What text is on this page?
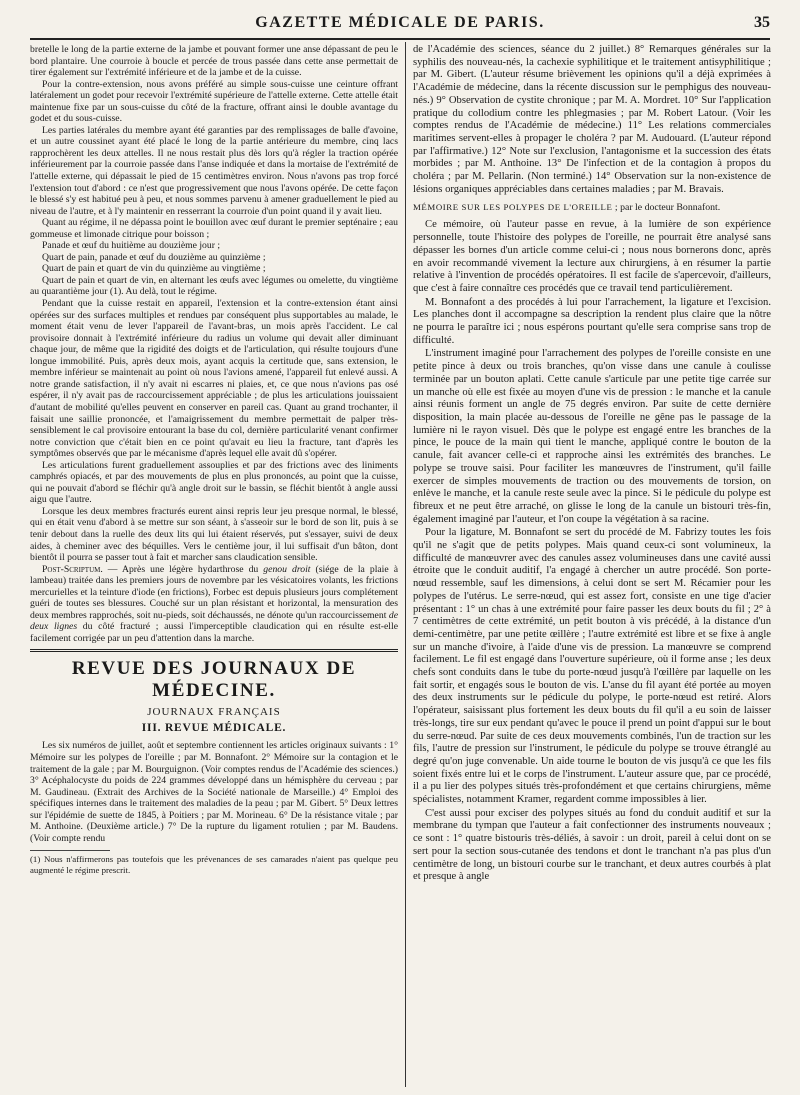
GAZETTE MÉDICALE DE PARIS.	35

bretelle le long de la partie externe de la jambe et pouvant former une anse dépassant de peu le bord plantaire. Une courroie à boucle et percée de trous passée dans cette anse permettait de tirer également sur l'extrémité inférieure et de la jambe et de la cuisse.

Pour la contre-extension, nous avons préféré au simple sous-cuisse une ceinture offrant latéralement un godet pour recevoir l'extrémité supérieure de l'attelle externe. Cette attelle était maintenue fixe par un sous-cuisse du côté de la fracture, offrant ainsi le double avantage du godet et du sous-cuisse.

Les parties latérales du membre ayant été garanties par des remplissages de balle d'avoine, et un autre coussinet ayant été placé le long de la partie antérieure du membre, cinq lacs rapprochèrent les deux attelles. Il ne nous restait plus dès lors qu'à régler la traction opérée inférieurement par la courroie passée dans l'anse indiquée et dans la mortaise de l'extrémité de l'attelle externe, qui dépassait le pied de 15 centimètres environ. Nous n'avons pas trop forcé l'extension tout d'abord : ce n'est que progressivement que nous l'avons opérée. De cette façon le blessé s'y est habitué peu à peu, et nous sommes parvenu à amener graduellement le pied au niveau de l'autre, et à l'y maintenir en resserrant la courroie d'un point quand il y avait lieu.

Quant au régime, il ne dépassa point le bouillon avec œuf durant le premier septénaire ; eau gommeuse et limonade citrique pour boisson ;

Panade et œuf du huitième au douzième jour ;

Quart de pain, panade et œuf du douzième au quinzième ;

Quart de pain et quart de vin du quinzième au vingtième ;

Quart de pain et quart de vin, en alternant les œufs avec légumes ou omelette, du vingtième au quarantième jour (1). Au delà, tout le régime.

Pendant que la cuisse restait en appareil, l'extension et la contre-extension étant ainsi opérées sur des surfaces multiples et rendues par conséquent plus supportables au malade, le moment était venu de lever l'appareil de l'avant-bras, un mois après l'accident. Le cal provisoire donnait à l'extrémité inférieure du radius un volume qui devait aller diminuant chaque jour, de même que la rigidité des doigts et de l'articulation, qui résulte toujours d'une longue immobilité. Puis, après deux mois, ayant acquis la certitude que, sans extension, le membre inférieur se maintenait au point où nous l'avions amené, l'appareil fut enlevé aussi. A notre grande satisfaction, il n'y avait ni escarres ni plaies, et, ce que nous n'avions pas osé espérer, il n'y avait pas de raccourcissement appréciable ; de plus les articulations jouissaient d'autant de mobilité qu'elles peuvent en conserver en pareil cas. Quant au grand trochanter, il faisait une saillie prononcée, et l'amaigrissement du membre permettait de palper très-sensiblement le cal provisoire entourant la base du col, dernière particularité venant confirmer notre conviction que c'était bien en ce point qu'avait eu lieu la fracture, tant d'après les symptômes observés que par le mécanisme d'après lequel elle avait dû s'opérer.

Les articulations furent graduellement assouplies et par des frictions avec des liniments camphrés opiacés, et par des mouvements de plus en plus prononcés, au point que la cuisse, qui ne pouvait d'abord se fléchir qu'à angle droit sur le bassin, se fléchit bientôt à angle aussi aigu que l'autre.

Lorsque les deux membres fracturés eurent ainsi repris leur jeu presque normal, le blessé, qui en était venu d'abord à se mettre sur son séant, à s'asseoir sur le bord de son lit, puis à se tenir debout dans la ruelle des deux lits qui lui étaient réservés, put s'essayer, suivi de deux aides, à cheminer avec des béquilles. Vers le centième jour, il lui suffisait d'un bâton, dont bientôt il pourra se passer tout à fait et marcher sans claudication sensible.

Post-Scriptum. — Après une légère hydarthrose du genou droit (siége de la plaie à lambeau) traitée dans les premiers jours de novembre par les vésicatoires volants, les frictions mercurielles et la teinture d'iode (en frictions), Forbec est depuis plusieurs jours complétement guéri de toutes ses blessures. Couché sur un plan résistant et horizontal, la mensuration des deux membres rapprochés, soit nu-pieds, soit déchaussés, ne dénote qu'un raccourcissement de deux lignes du côté fracturé ; aussi l'imperceptible claudication qui en résulte est-elle facilement corrigée par un peu d'attention dans la marche.

REVUE DES JOURNAUX DE MÉDECINE.
JOURNAUX FRANÇAIS
III. REVUE MÉDICALE.

Les six numéros de juillet, août et septembre contiennent les articles originaux suivants : 1° Mémoire sur les polypes de l'oreille ; par M. Bonnafont. 2° Mémoire sur la contagion et le traitement de la gale ; par M. Bourguignon. (Voir comptes rendus de l'Académie des sciences.) 3° Acéphalocyste du poids de 224 grammes développé dans un hémisphère du cerveau ; par M. Gaudineau. (Extrait des Archives de la Société nationale de Marseille.) 4° Emploi des spécifiques internes dans le traitement des maladies de la peau ; par M. Gibert. 5° Deux lettres sur l'épidémie de suette de 1845, à Poitiers ; par M. Morineau. 6° De la résistance vitale ; par M. Anthoine. (Deuxième article.) 7° De la rupture du ligament rotulien ; par M. Baudens. (Voir compte rendu

(1) Nous n'affirmerons pas toutefois que les prévenances de ses camarades n'aient pas quelque peu augmenté le régime prescrit.

de l'Académie des sciences, séance du 2 juillet.) 8° Remarques générales sur la syphilis des nouveau-nés, la cachexie syphilitique et le traitement antisyphilitique ; par M. Gibert. (L'auteur résume brièvement les opinions qu'il a déjà exprimées à l'Académie de médecine, dans la récente discussion sur le pemphigus des nouveau-nés.) 9° Observation de cystite chronique ; par M. A. Mordret. 10° Sur l'application pratique du collodium contre les phlegmasies ; par M. Robert Latour. (Voir les comptes rendus de l'Académie de médecine.) 11° Les relations commerciales maritimes servent-elles à propager le choléra ? par M. Audouard. (L'auteur répond par l'affirmative.) 12° Note sur l'exclusion, l'antagonisme et la succession des états morbides ; par M. Anthoine. 13° De l'infection et de la contagion à propos du choléra ; par M. Pellarin. (Non terminé.) 14° Observation sur la non-existence de lésions organiques appréciables dans certaines maladies ; par M. Bravais.

MÉMOIRE SUR LES POLYPES DE L'OREILLE ; par le docteur Bonnafont.

Ce mémoire, où l'auteur passe en revue, à la lumière de son expérience personnelle, toute l'histoire des polypes de l'oreille, ne pourrait être analysé sans dépasser les bornes d'un article comme celui-ci ; nous nous bornerons donc, après en avoir recommandé vivement la lecture aux chirurgiens, à en résumer la partie relative à l'invention de procédés opératoires. Il est facile de s'apercevoir, d'ailleurs, que c'est à faire connaître ces procédés que ce travail tend particulièrement.

M. Bonnafont a des procédés à lui pour l'arrachement, la ligature et l'excision. Les planches dont il accompagne sa description la rendent plus claire que la nôtre ne pourra le paraître ici ; nous espérons pourtant qu'elle sera comprise sans trop de difficulté.

L'instrument imaginé pour l'arrachement des polypes de l'oreille consiste en une petite pince à deux ou trois branches, qu'on visse dans une canule à coulisse terminée par un bouton aplati. Cette canule s'articule par une petite tige carrée sur un manche où elle est fixée au moyen d'une vis de pression : le manche et la canule ainsi réunis forment un angle de 75 degrés environ. Par suite de cette dernière disposition, la main placée au-dessous de l'oreille ne gêne pas le passage de la lumière ni le rayon visuel. Dès que le polype est engagé entre les branches de la pince, le pouce de la main qui tient le manche, appliqué contre le bouton de la canule, fait avancer celle-ci et rapproche ainsi les extrémités des branches. Le polype se trouve saisi. Pour faciliter les manœuvres de l'instrument, qu'il faille exercer de simples mouvements de traction ou des mouvements de torsion, on enlève le manche, et la canule reste seule avec la pince. Si le pédicule du polype est fibreux et ne peut être arraché, on glisse le long de la canule un bistouri très-fin, également imaginé par l'auteur, et l'on coupe la végétation à sa racine.

Pour la ligature, M. Bonnafont se sert du procédé de M. Fabrizy toutes les fois qu'il ne s'agit que de petits polypes. Mais quand ceux-ci sont volumineux, la difficulté de manœuvrer avec des canules assez volumineuses dans une cavité aussi étroite que le conduit auditif, l'a engagé à chercher un autre procédé. Son porte-nœud ressemble, sauf les dimensions, à celui dont se sert M. Récamier pour les polypes de l'utérus. Le serre-nœud, qui est assez fort, consiste en une tige d'acier présentant : 1° un chas à une extrémité pour faire passer les deux bouts du fil ; 2° à 7 centimètres de cette extrémité, un petit bouton à vis précédé, à la distance d'un demi-centimètre, par une petite œillère ; l'autre extrémité est libre et se fixe à angle sur un manche d'ivoire, à l'aide d'une vis de pression. La manœuvre se comprend facilement. Le fil est engagé dans l'ouverture supérieure, où il forme anse ; les deux chefs sont conduits dans le tube du porte-nœud jusqu'à l'œillère par laquelle on les fait sortir, et engagés sous le bouton de vis. L'anse du fil ayant été portée au moyen des deux instruments sur le pédicule du polype, le porte-nœud est retiré. Alors l'opérateur, saisissant plus fortement les deux bouts du fil qu'il a eu soin de laisser très-longs, tire sur eux pendant qu'avec le pouce il prend un point d'appui sur le bout du serre-nœud. Par suite de ces deux mouvements combinés, l'un de traction sur les fils, l'autre de pression sur l'instrument, le pédicule du polype se trouve étranglé au degré qu'on juge convenable. Un aide tourne le bouton de vis jusqu'à ce que les fils soient fixés entre lui et le corps de l'instrument. L'auteur assure que, par ce procédé, il a pu lier des polypes situés très-profondément et que certains chirurgiens, même spécialistes, notamment Kramer, regardent comme impossibles à lier.

C'est aussi pour exciser des polypes situés au fond du conduit auditif et sur la membrane du tympan que l'auteur a fait confectionner des instruments nouveaux ; ce sont : 1° quatre bistouris très-déliés, à savoir : un droit, pareil à celui dont on se sert pour la section sous-cutanée des tendons et dont le tranchant n'a pas plus d'un centimètre de long, un bistouri courbe sur le tranchant, et deux autres courbés à plat et presque à angle
